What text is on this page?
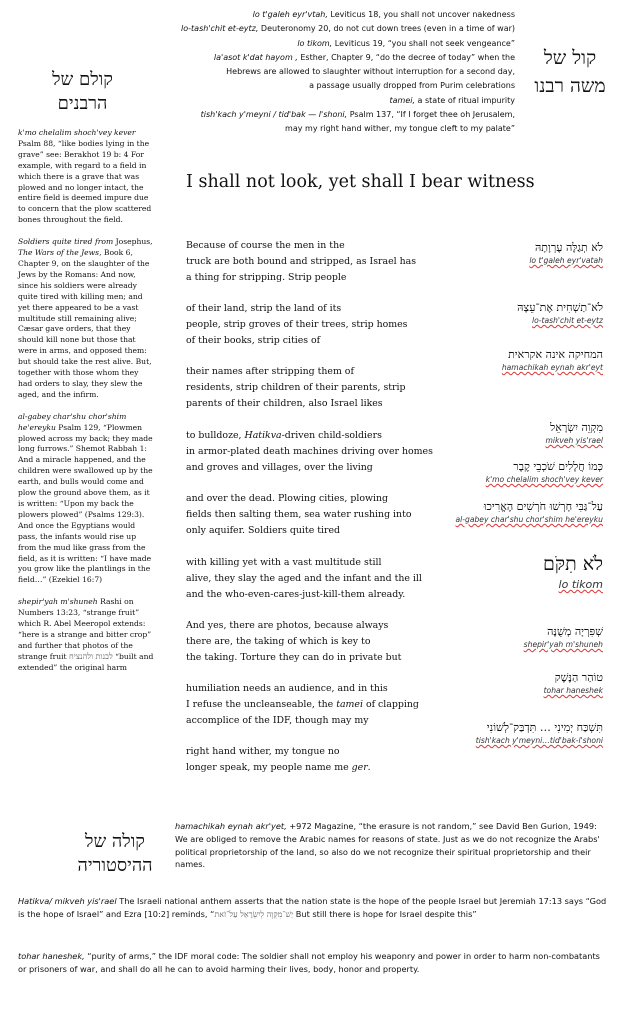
lo t'galeh eyr'vtah, Leviticus 18, you shall not uncover nakedness
lo-tash'chit et-eytz, Deuteronomy 20, do not cut down trees (even in a time of war)
lo tikom, Leviticus 19, “you shall not seek vengeance”
la'asot k'dat hayom , Esther, Chapter 9, “do the decree of today” when the
Hebrews are allowed to slaughter without interruption for a second day,
a passage usually dropped from Purim celebrations
tamei, a state of ritual impurity
tish'kach y'meyni / tid'bak — l'shoni, Psalm 137, “If I forget thee oh Jerusalem,
may my right hand wither, my tongue cleft to my palate”
קול של
משה רבנו
קולם של
הרבנים
קולה של
ההיסטוריה

k'mo chelalim shoch'vey kever Psalm 88, “like bodies lying in the grave” see: Berakhot 19 b: 4 For example, with regard to a field in which there is a grave that was plowed and no longer intact, the entire field is deemed impure due to concern that the plow scattered bones throughout the field.

Soldiers quite tired from Josephus, The Wars of the Jews, Book 6, Chapter 9, on the slaughter of the Jews by the Romans: And now, since his soldiers were already quite tired with killing men; and yet there appeared to be a vast multitude still remaining alive; Cæsar gave orders, that they should kill none but those that were in arms, and opposed them: but should take the rest alive. But, together with those whom they had orders to slay, they slew the aged, and the infirm.

al-gabey char'shu chor'shim he'ereyku Psalm 129, “Plowmen plowed across my back; they made long furrows.” Shemot Rabbah 1: And a miracle happened, and the children were swallowed up by the earth, and bulls would come and plow the ground above them, as it is written: “Upon my back the plowers plowed” (Psalms 129:3). And once the Egyptians would pass, the infants would rise up from the mud like grass from the field, as it is written: “I have made you grow like the plantlings in the field…” (Ezekiel 16:7)

shepir'yah m'shuneh Rashi on Numbers 13:23, “strange fruit” which R. Abel Meeropol extends: “here is a strange and bitter crop” and further that photos of the strange fruit לבנות ולהנציח “built and extended” the original harm

I shall not look, yet shall I bear witness
Because of course the men in the
truck are both bound and stripped, as Israel has
a thing for stripping. Strip people
of their land, strip the land of its
people, strip groves of their trees, strip homes
of their books, strip cities of
their names after stripping them of
residents, strip children of their parents, strip
parents of their children, also Israel likes
to bulldoze, Hatikva-driven child-soldiers
in armor-plated death machines driving over homes
and groves and villages, over the living
and over the dead. Plowing cities, plowing
fields then salting them, sea water rushing into
only aquifer. Soldiers quite tired
with killing yet with a vast multitude still
alive, they slay the aged and the infant and the ill
and the who-even-cares-just-kill-them already.
And yes, there are photos, because always
there are, the taking of which is key to
the taking. Torture they can do in private but
humiliation needs an audience, and in this
I refuse the uncleanseable, the tamei of clapping
accomplice of the IDF, though may my
right hand wither, my tongue no
longer speak, my people name me ger.
לֹא תְגַלֶּה עֶרְוָתָהּ
lo t'galeh eyr'vatah
לֹא־תַשְׁחִית אֶת־עֵצָהּ
lo-tash'chit et-eytz
המחיקה אינה אקראית
hamachikah eynah akr'eyt
מִקְוֵה יִשְׂרָאֵל
mikveh yis'rael
כְּמוֹ חֲלָלִים שֹׁכְבֵי קֶבֶר
k'mo chelalim shoch'vey kever
עַל־גַּבִּי חָרְשׁוּ חֹרְשִׁים הֶאֱרִיכוּ
al-gabey char'shu chor'shim he'ereyku
לֹא תִקֹּם
lo tikom
שְׁפִּרְיָה מְשֻׁנֶּה
shepir'yah m'shuneh
טוֹהַר הַנֶּשֶׁק
tohar haneshek
תִּשְׁכַּח יְמִינִי … תִּדְבַּק־לְשׁוֹנִי
tish'kach y'meyni…tid'bak-l'shoni
hamachikah eynah akr'yet, +972 Magazine, “the erasure is not random,” see David Ben Gurion, 1949: We are obliged to remove the Arabic names for reasons of state. Just as we do not recognize the Arabs' political proprietorship of the land, so also do we not recognize their spiritual proprietorship and their names.
Hatikva/ mikveh yis'rael The Israeli national anthem asserts that the nation state is the hope of the people Israel but Jeremiah 17:13 says “God is the hope of Israel” and Ezra [10:2] reminds, “יֵשׁ־מִקְוֶה לְיִשְׂרָאֵל עַל־זֹאת But still there is hope for Israel despite this”
tohar haneshek, “purity of arms,” the IDF moral code: The soldier shall not employ his weaponry and power in order to harm non-combatants or prisoners of war, and shall do all he can to avoid harming their lives, body, honor and property.
